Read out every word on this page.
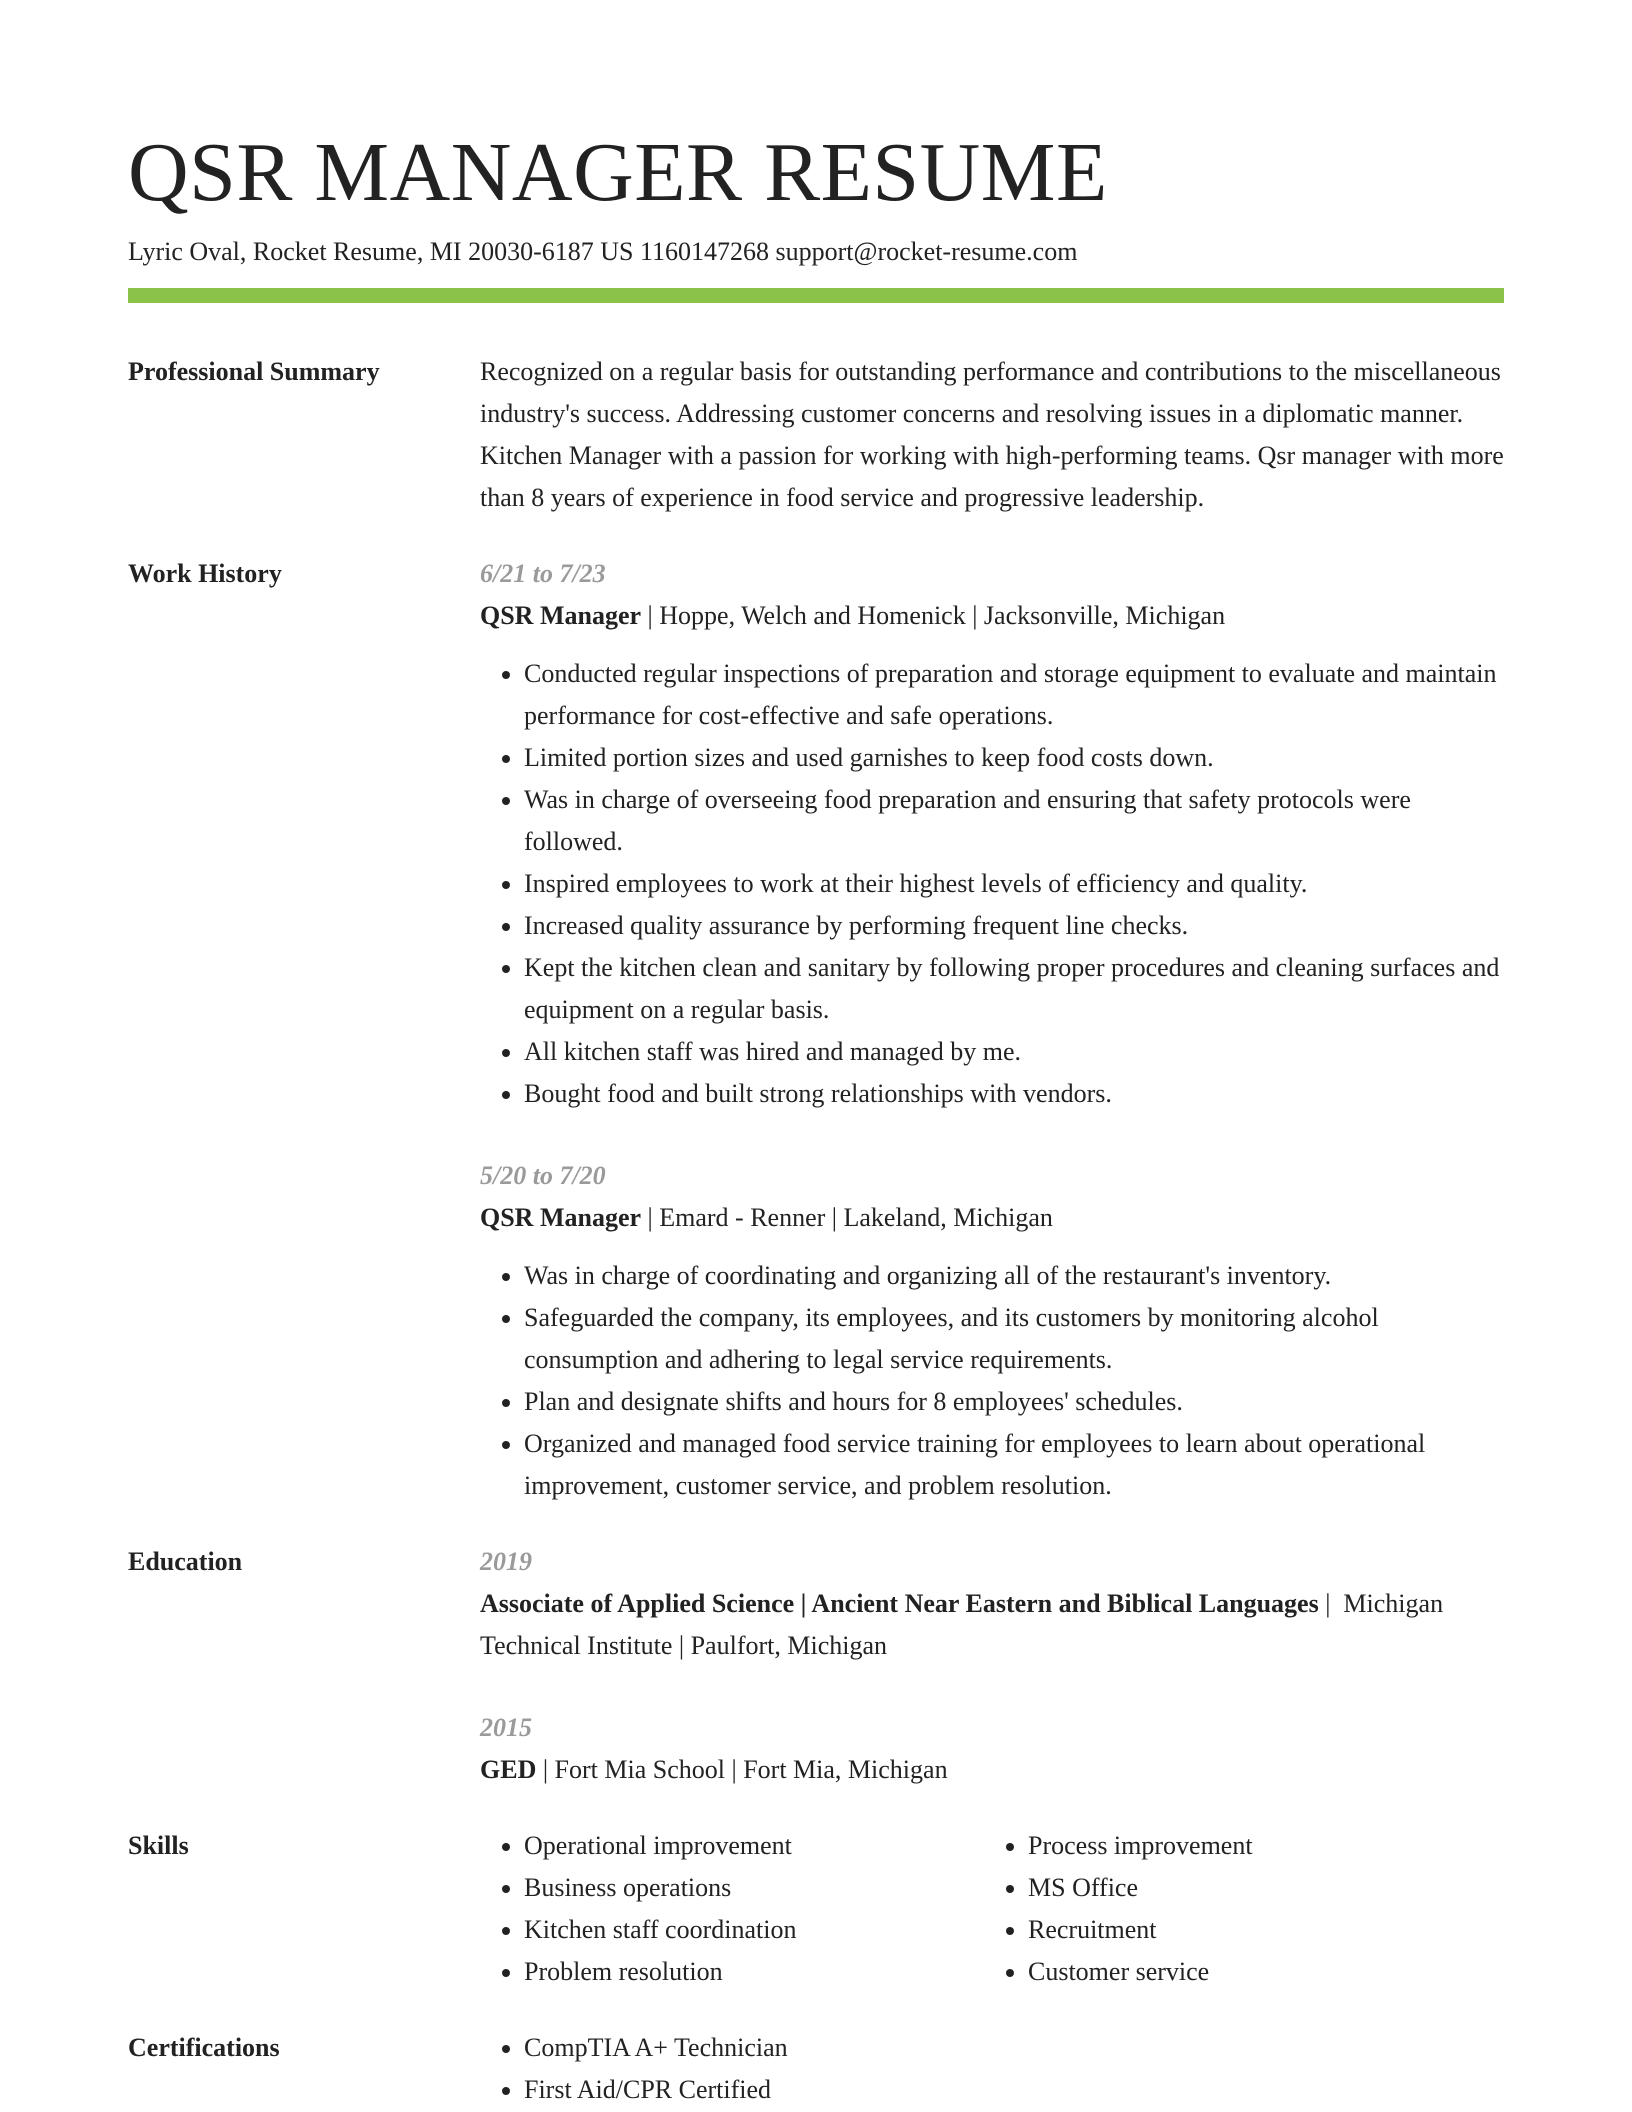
QSR MANAGER RESUME
Lyric Oval, Rocket Resume, MI 20030-6187 US 1160147268 support@rocket-resume.com
Professional Summary	Recognized on a regular basis for outstanding performance and contributions to the miscellaneous industry's success. Addressing customer concerns and resolving issues in a diplomatic manner. Kitchen Manager with a passion for working with high-performing teams. Qsr manager with more than 8 years of experience in food service and progressive leadership.

Work History	6/21 to 7/23
QSR Manager | Hoppe, Welch and Homenick | Jacksonville, Michigan
• Conducted regular inspections of preparation and storage equipment to evaluate and maintain performance for cost-effective and safe operations.
• Limited portion sizes and used garnishes to keep food costs down.
• Was in charge of overseeing food preparation and ensuring that safety protocols were followed.
• Inspired employees to work at their highest levels of efficiency and quality.
• Increased quality assurance by performing frequent line checks.
• Kept the kitchen clean and sanitary by following proper procedures and cleaning surfaces and equipment on a regular basis.
• All kitchen staff was hired and managed by me.
• Bought food and built strong relationships with vendors.
5/20 to 7/20
QSR Manager | Emard - Renner | Lakeland, Michigan
• Was in charge of coordinating and organizing all of the restaurant's inventory.
• Safeguarded the company, its employees, and its customers by monitoring alcohol consumption and adhering to legal service requirements.
• Plan and designate shifts and hours for 8 employees' schedules.
• Organized and managed food service training for employees to learn about operational improvement, customer service, and problem resolution.
Education	2019
Associate of Applied Science | Ancient Near Eastern and Biblical Languages |  Michigan Technical Institute | Paulfort, Michigan
2015
GED | Fort Mia School | Fort Mia, Michigan
Skills	• Operational improvement
• Business operations
• Kitchen staff coordination
• Problem resolution
• Process improvement
• MS Office
• Recruitment
• Customer service
Certifications	• CompTIA A+ Technician
• First Aid/CPR Certified
